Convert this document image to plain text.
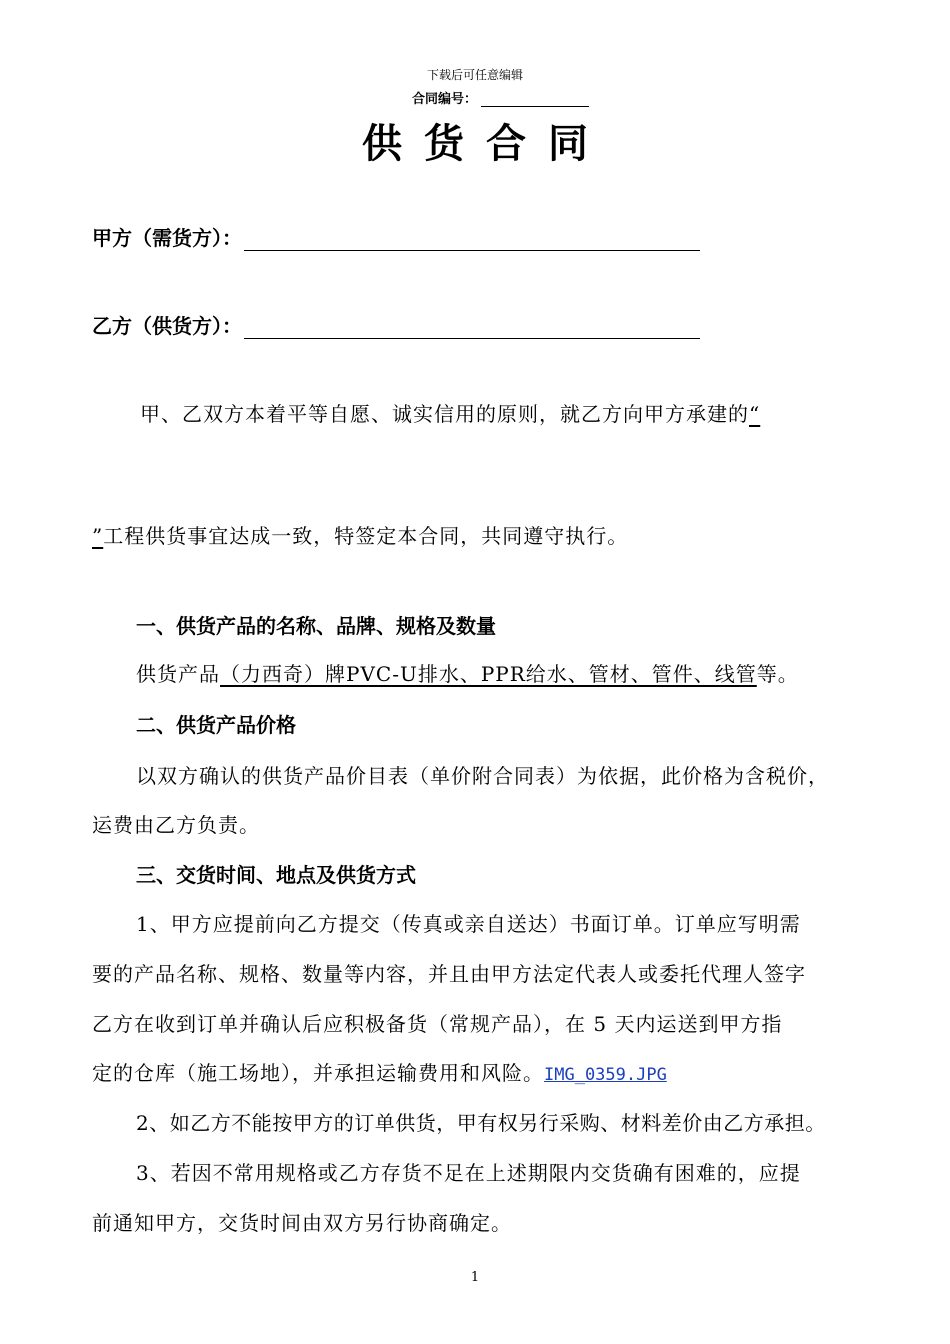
下载后可任意编辑
合同编号：
供货合同
甲方（需货方）：
乙方（供货方）：
甲、乙双方本着平等自愿、诚实信用的原则，就乙方向甲方承建的“
”工程供货事宜达成一致，特签定本合同，共同遵守执行。
一、供货产品的名称、品牌、规格及数量
供货产品（力西奇）牌PVC-U排水、PPR给水、管材、管件、线管等。
二、供货产品价格
以双方确认的供货产品价目表（单价附合同表）为依据，此价格为含税价，
运费由乙方负责。
三、交货时间、地点及供货方式
1、甲方应提前向乙方提交（传真或亲自送达）书面订单。订单应写明需
要的产品名称、规格、数量等内容，并且由甲方法定代表人或委托代理人签字
乙方在收到订单并确认后应积极备货（常规产品），在 5 天内运送到甲方指
定的仓库（施工场地），并承担运输费用和风险。IMG_0359.JPG
2、如乙方不能按甲方的订单供货，甲有权另行采购、材料差价由乙方承担。
3、若因不常用规格或乙方存货不足在上述期限内交货确有困难的，应提
前通知甲方，交货时间由双方另行协商确定。
1
